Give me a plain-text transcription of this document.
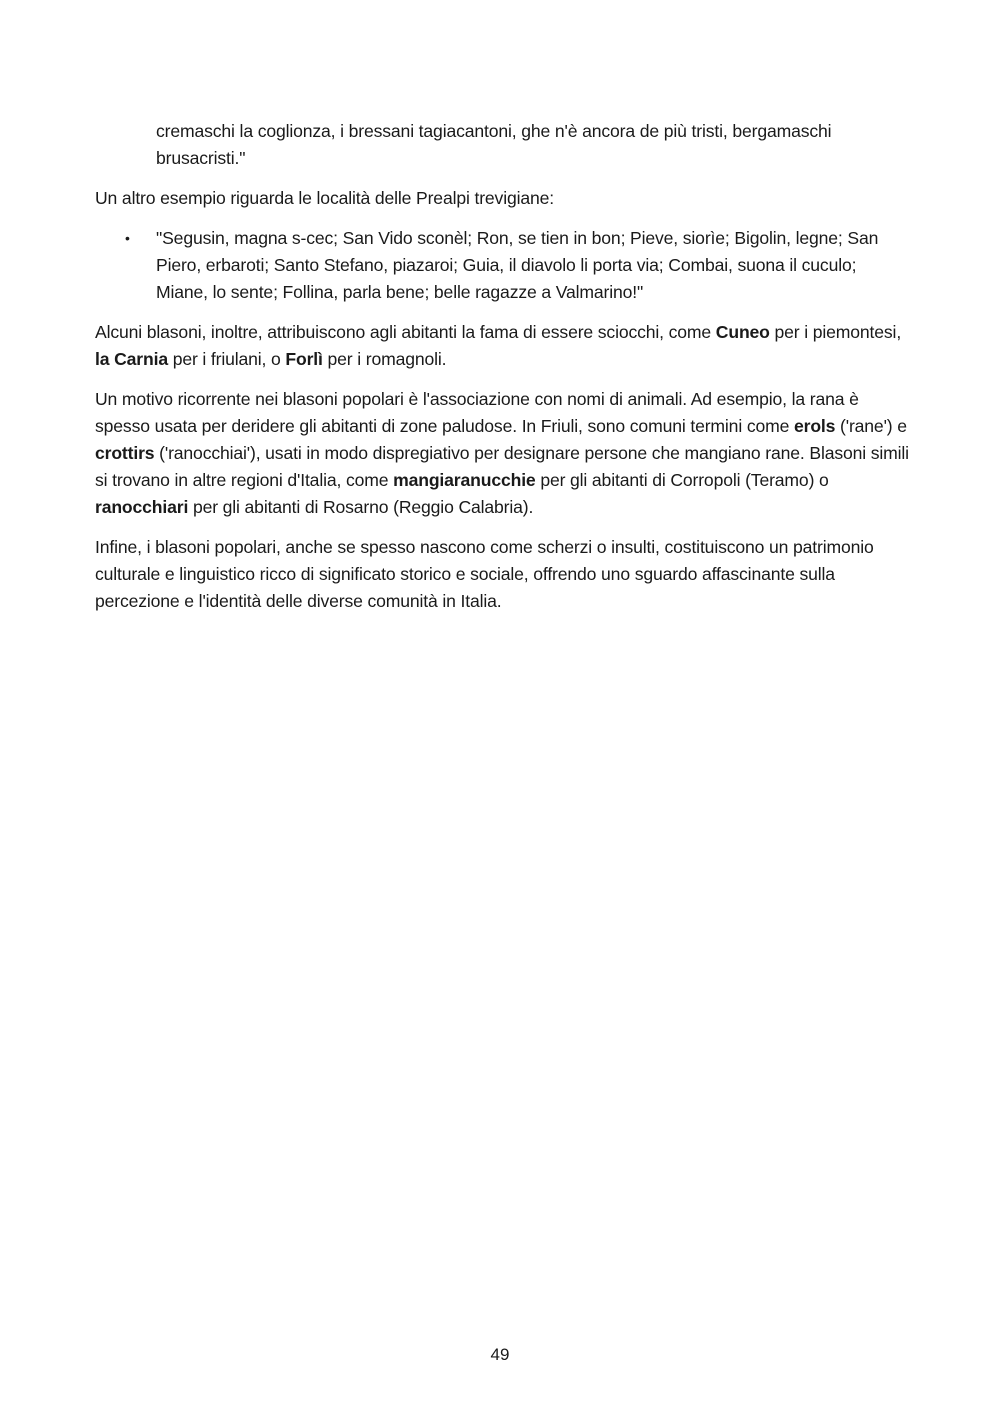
cremaschi la coglionza, i bressani tagiacantoni, ghe n'è ancora de più tristi, bergamaschi brusacristi."

Un altro esempio riguarda le località delle Prealpi trevigiane:

• "Segusin, magna s-cec; San Vido sconèl; Ron, se tien in bon; Pieve, siorìe; Bigolin, legne; San Piero, erbaroti; Santo Stefano, piazaroi; Guia, il diavolo li porta via; Combai, suona il cuculo; Miane, lo sente; Follina, parla bene; belle ragazze a Valmarino!"

Alcuni blasoni, inoltre, attribuiscono agli abitanti la fama di essere sciocchi, come Cuneo per i piemontesi, la Carnia per i friulani, o Forlì per i romagnoli.

Un motivo ricorrente nei blasoni popolari è l'associazione con nomi di animali. Ad esempio, la rana è spesso usata per deridere gli abitanti di zone paludose. In Friuli, sono comuni termini come erols ('rane') e crottirs ('ranocchiai'), usati in modo dispregiativo per designare persone che mangiano rane. Blasoni simili si trovano in altre regioni d'Italia, come mangiaranucchie per gli abitanti di Corropoli (Teramo) o ranocchiari per gli abitanti di Rosarno (Reggio Calabria).

Infine, i blasoni popolari, anche se spesso nascono come scherzi o insulti, costituiscono un patrimonio culturale e linguistico ricco di significato storico e sociale, offrendo uno sguardo affascinante sulla percezione e l'identità delle diverse comunità in Italia.

49
